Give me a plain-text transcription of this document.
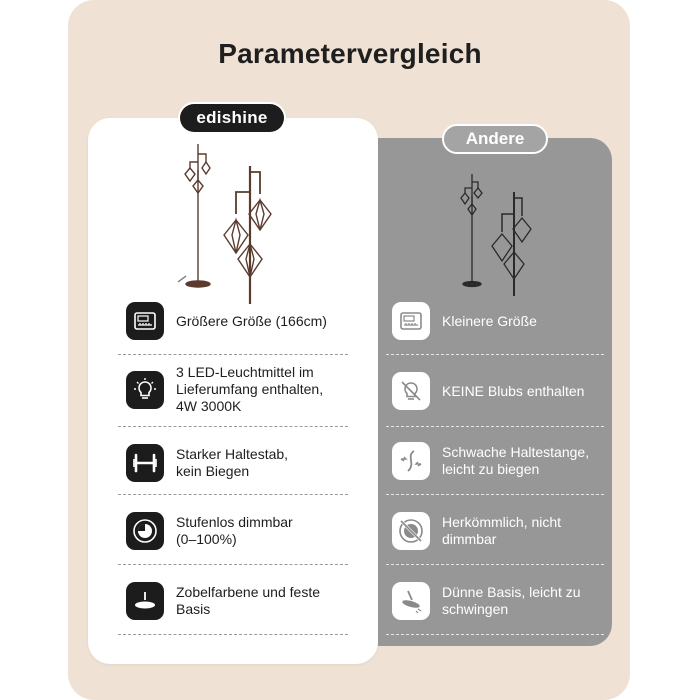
Parametervergleich
edishine
Andere
Größere Größe (166cm)
3 LED-Leuchtmittel im Lieferumfang enthalten, 4W 3000K
Starker Haltestab, kein Biegen
Stufenlos dimmbar (0–100%)
Zobelfarbene und feste Basis
Kleinere Größe
KEINE Blubs enthalten
Schwache Haltestange, leicht zu biegen
Herkömmlich, nicht dimmbar
Dünne Basis, leicht zu schwingen
